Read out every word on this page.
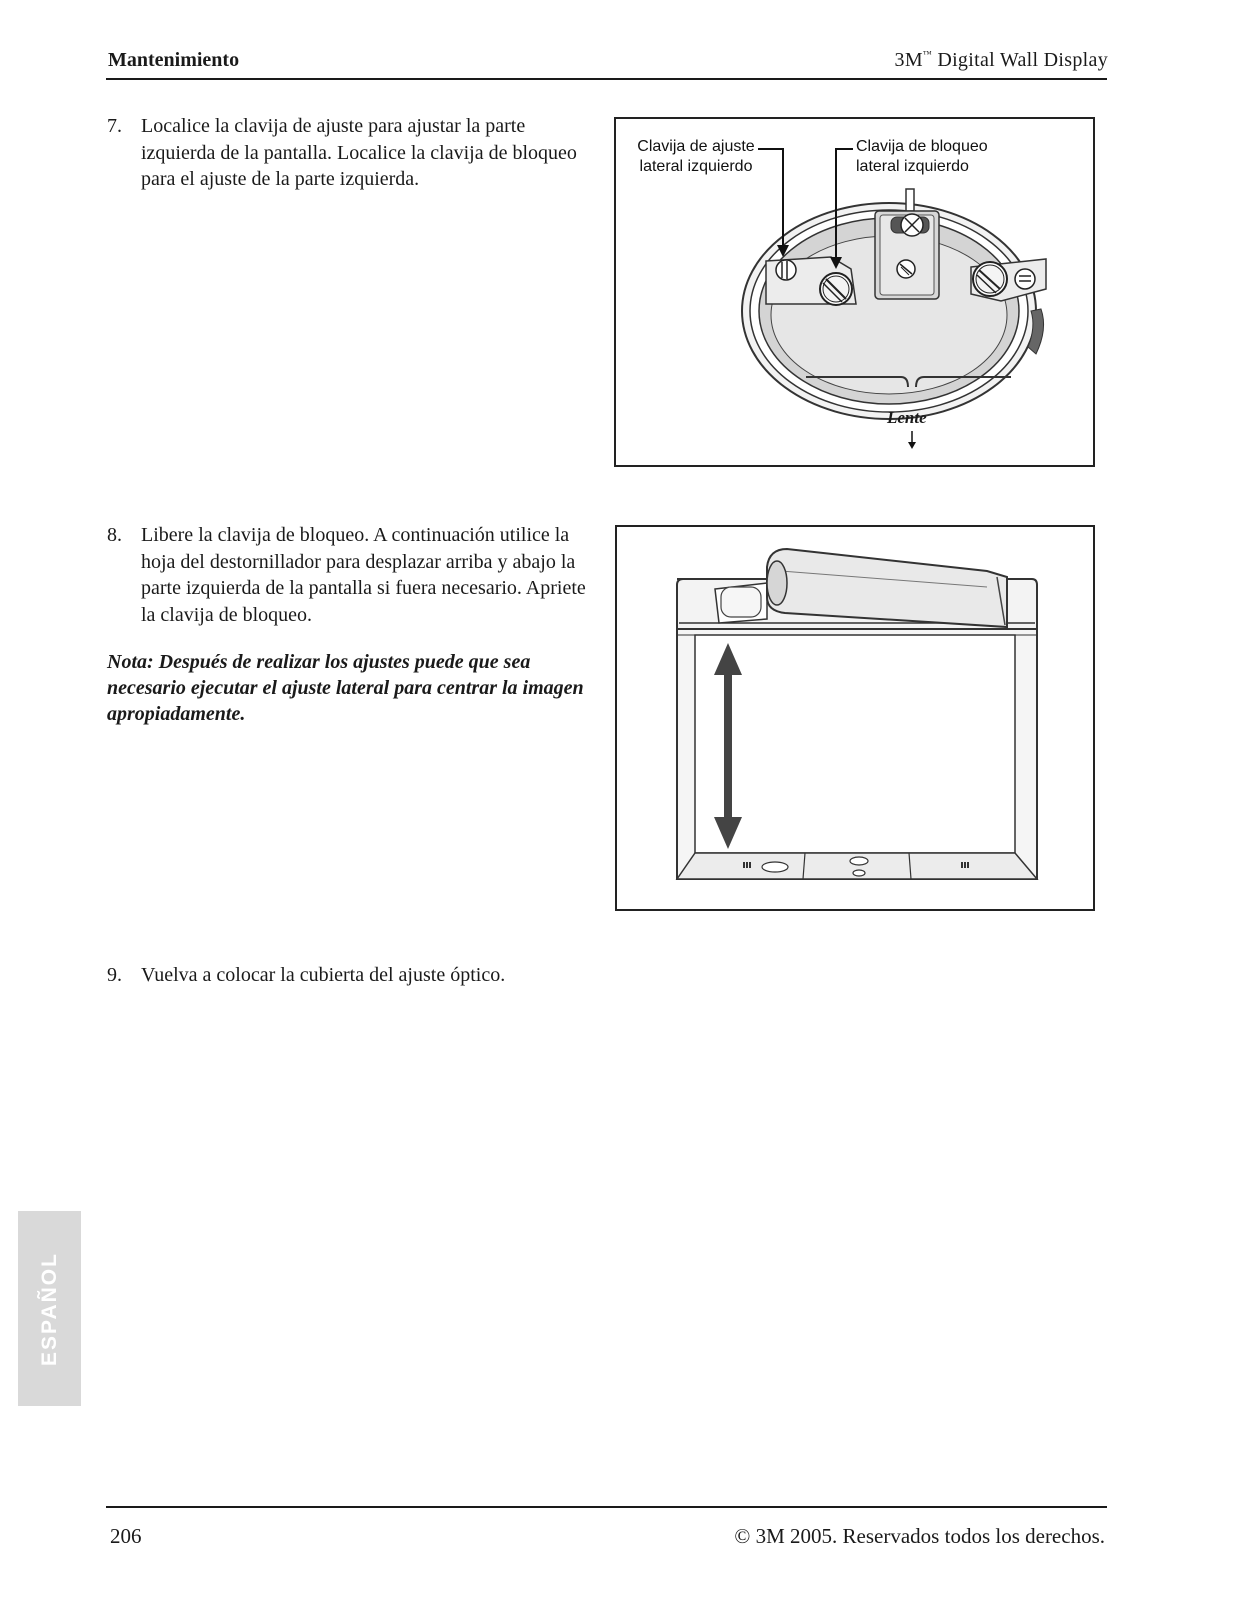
Mantenimiento	3M™ Digital Wall Display
7. Localice la clavija de ajuste para ajustar la parte izquierda de la pantalla. Localice la clavija de bloqueo para el ajuste de la parte izquierda.
Clavija de ajuste
lateral izquierdo
Clavija de bloqueo
lateral izquierdo
Lente
8. Libere la clavija de bloqueo. A continuación utilice la hoja del destornillador para desplazar arriba y abajo la parte izquierda de la pantalla si fuera necesario. Apriete la clavija de bloqueo.
Nota: Después de realizar los ajustes puede que sea necesario ejecutar el ajuste lateral para centrar la imagen apropiadamente.
9. Vuelva a colocar la cubierta del ajuste óptico.
ESPAÑOL
206	© 3M 2005. Reservados todos los derechos.
